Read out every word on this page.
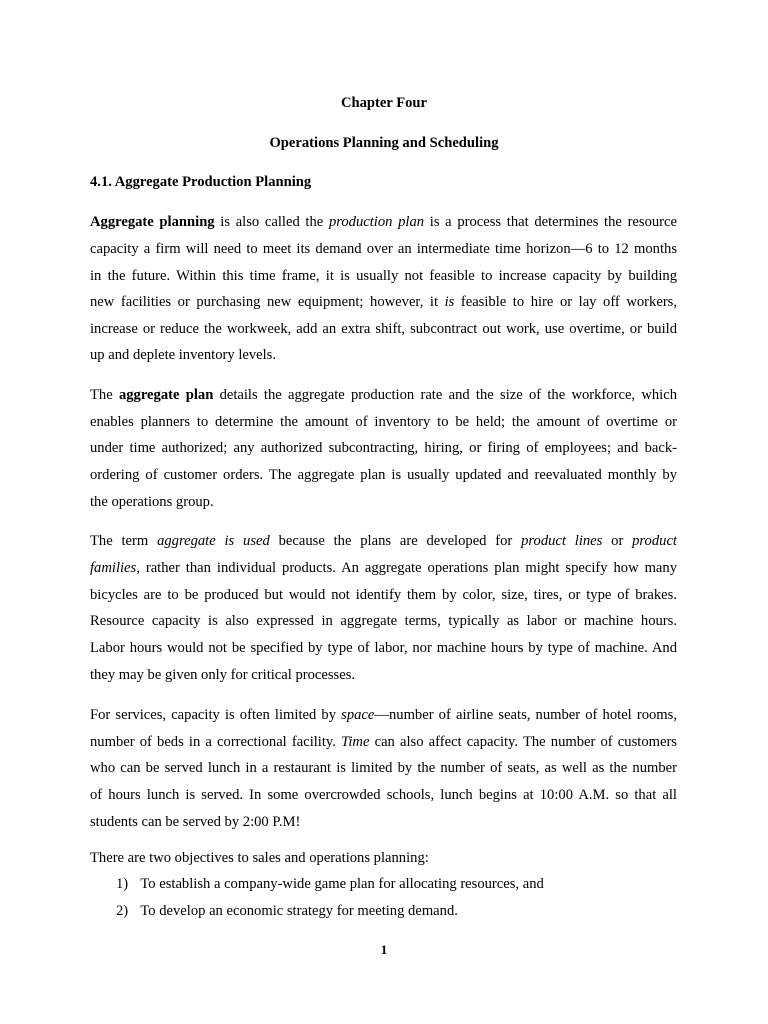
Chapter Four
Operations Planning and Scheduling
4.1. Aggregate Production Planning
Aggregate planning is also called the production plan is a process that determines the resource
capacity a firm will need to meet its demand over an intermediate time horizon—6 to 12 months
in the future. Within this time frame, it is usually not feasible to increase capacity by building
new facilities or purchasing new equipment; however, it is feasible to hire or lay off workers,
increase or reduce the workweek, add an extra shift, subcontract out work, use overtime, or build
up and deplete inventory levels.
The aggregate plan details the aggregate production rate and the size of the workforce, which
enables planners to determine the amount of inventory to be held; the amount of overtime or
under time authorized; any authorized subcontracting, hiring, or firing of employees; and back-
ordering of customer orders. The aggregate plan is usually updated and reevaluated monthly by
the operations group.
The term aggregate is used because the plans are developed for product lines or product
families, rather than individual products. An aggregate operations plan might specify how many
bicycles are to be produced but would not identify them by color, size, tires, or type of brakes.
Resource capacity is also expressed in aggregate terms, typically as labor or machine hours.
Labor hours would not be specified by type of labor, nor machine hours by type of machine. And
they may be given only for critical processes.
For services, capacity is often limited by space—number of airline seats, number of hotel rooms,
number of beds in a correctional facility. Time can also affect capacity. The number of customers
who can be served lunch in a restaurant is limited by the number of seats, as well as the number
of hours lunch is served. In some overcrowded schools, lunch begins at 10:00 A.M. so that all
students can be served by 2:00 P.M!
There are two objectives to sales and operations planning:
1) To establish a company-wide game plan for allocating resources, and
2) To develop an economic strategy for meeting demand.
1
